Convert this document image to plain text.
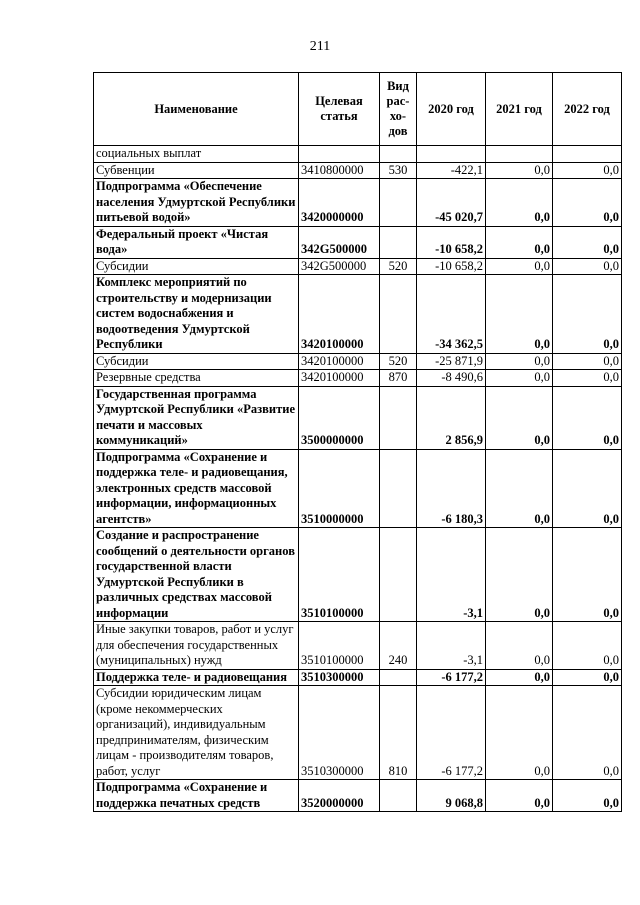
211
Наименование	Целевая статья	Вид рас- хо- дов	2020 год	2021 год	2022 год
социальных выплат					
Субвенции	3410800000	530	-422,1	0,0	0,0
Подпрограмма «Обеспечение населения Удмуртской Республики питьевой водой»	3420000000		-45 020,7	0,0	0,0
Федеральный проект «Чистая вода»	342G500000		-10 658,2	0,0	0,0
Субсидии	342G500000	520	-10 658,2	0,0	0,0
Комплекс мероприятий по строительству и модернизации систем водоснабжения и водоотведения Удмуртской Республики	3420100000		-34 362,5	0,0	0,0
Субсидии	3420100000	520	-25 871,9	0,0	0,0
Резервные средства	3420100000	870	-8 490,6	0,0	0,0
Государственная программа Удмуртской Республики «Развитие печати и массовых коммуникаций»	3500000000		2 856,9	0,0	0,0
Подпрограмма «Сохранение и поддержка теле- и радиовещания, электронных средств массовой информации, информационных агентств»	3510000000		-6 180,3	0,0	0,0
Создание и распространение сообщений о деятельности органов государственной власти Удмуртской Республики в различных средствах массовой информации	3510100000		-3,1	0,0	0,0
Иные закупки товаров, работ и услуг для обеспечения государственных (муниципальных) нужд	3510100000	240	-3,1	0,0	0,0
Поддержка теле- и радиовещания	3510300000		-6 177,2	0,0	0,0
Субсидии юридическим лицам (кроме некоммерческих организаций), индивидуальным предпринимателям, физическим лицам - производителям товаров, работ, услуг	3510300000	810	-6 177,2	0,0	0,0
Подпрограмма «Сохранение и поддержка печатных средств	3520000000		9 068,8	0,0	0,0
